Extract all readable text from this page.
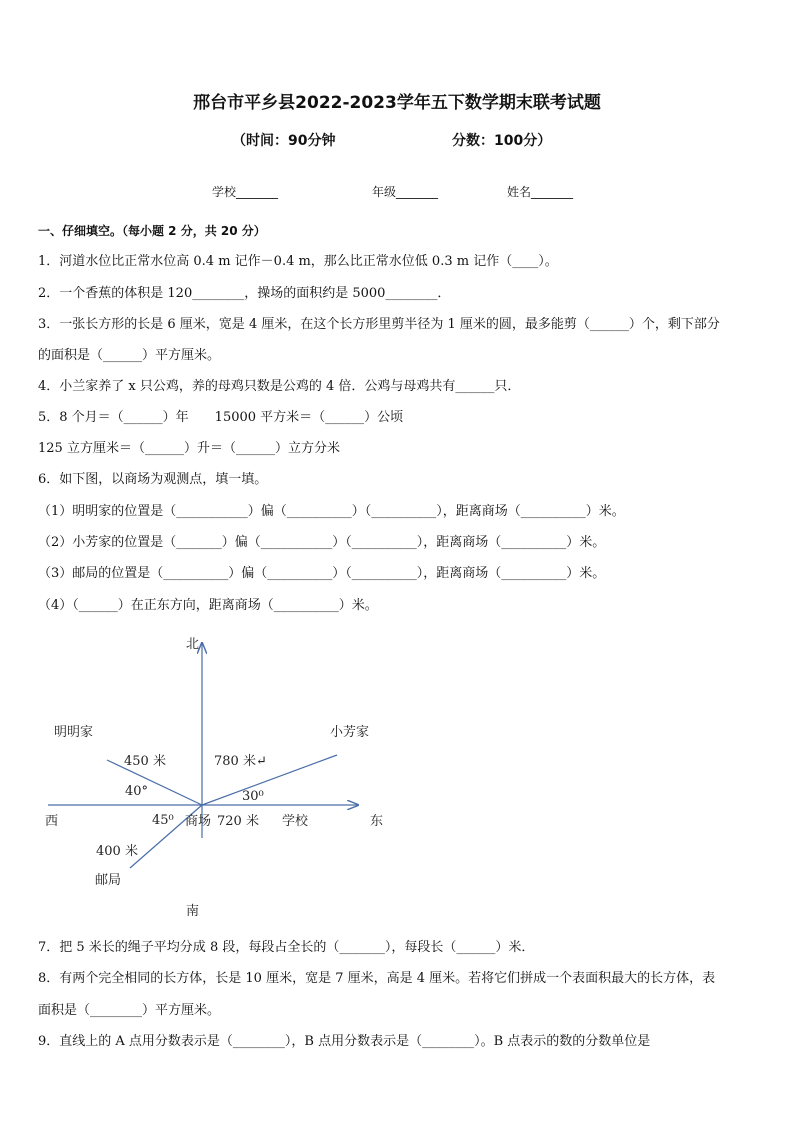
邢台市平乡县2022-2023学年五下数学期末联考试题
（时间：90分钟	分数：100分）
学校_______	年级_______	姓名_______
一、仔细填空。（每小题 2 分，共 20 分）
1．河道水位比正常水位高 0.4 m 记作－0.4 m，那么比正常水位低 0.3 m 记作（____）。
2．一个香蕉的体积是 120________，操场的面积约是 5000________．
3．一张长方形的长是 6 厘米，宽是 4 厘米，在这个长方形里剪半径为 1 厘米的圆，最多能剪（______）个，剩下部分
的面积是（______）平方厘米。
4．小兰家养了 x 只公鸡，养的母鸡只数是公鸡的 4 倍．公鸡与母鸡共有______只．
5．8 个月＝（______）年　　15000 平方米＝（______）公顷
125 立方厘米＝（______）升＝（______）立方分米
6．如下图，以商场为观测点，填一填。
（1）明明家的位置是（___________）偏（__________）（__________），距离商场（__________）米。
（2）小芳家的位置是（_______）偏（___________）（__________），距离商场（__________）米。
（3）邮局的位置是（__________）偏（__________）（__________），距离商场（__________）米。
（4）（______）在正东方向，距离商场（__________）米。
北
南
东
西
明明家	小芳家
邮局
商场	学校
450 米	780 米↵
720 米
400 米
40°	30⁰
45⁰
7．把 5 米长的绳子平均分成 8 段，每段占全长的（_______），每段长（______）米．
8．有两个完全相同的长方体，长是 10 厘米，宽是 7 厘米，高是 4 厘米。若将它们拼成一个表面积最大的长方体，表
面积是（________）平方厘米。
9．直线上的 A 点用分数表示是（________），B 点用分数表示是（________）。B 点表示的数的分数单位是
